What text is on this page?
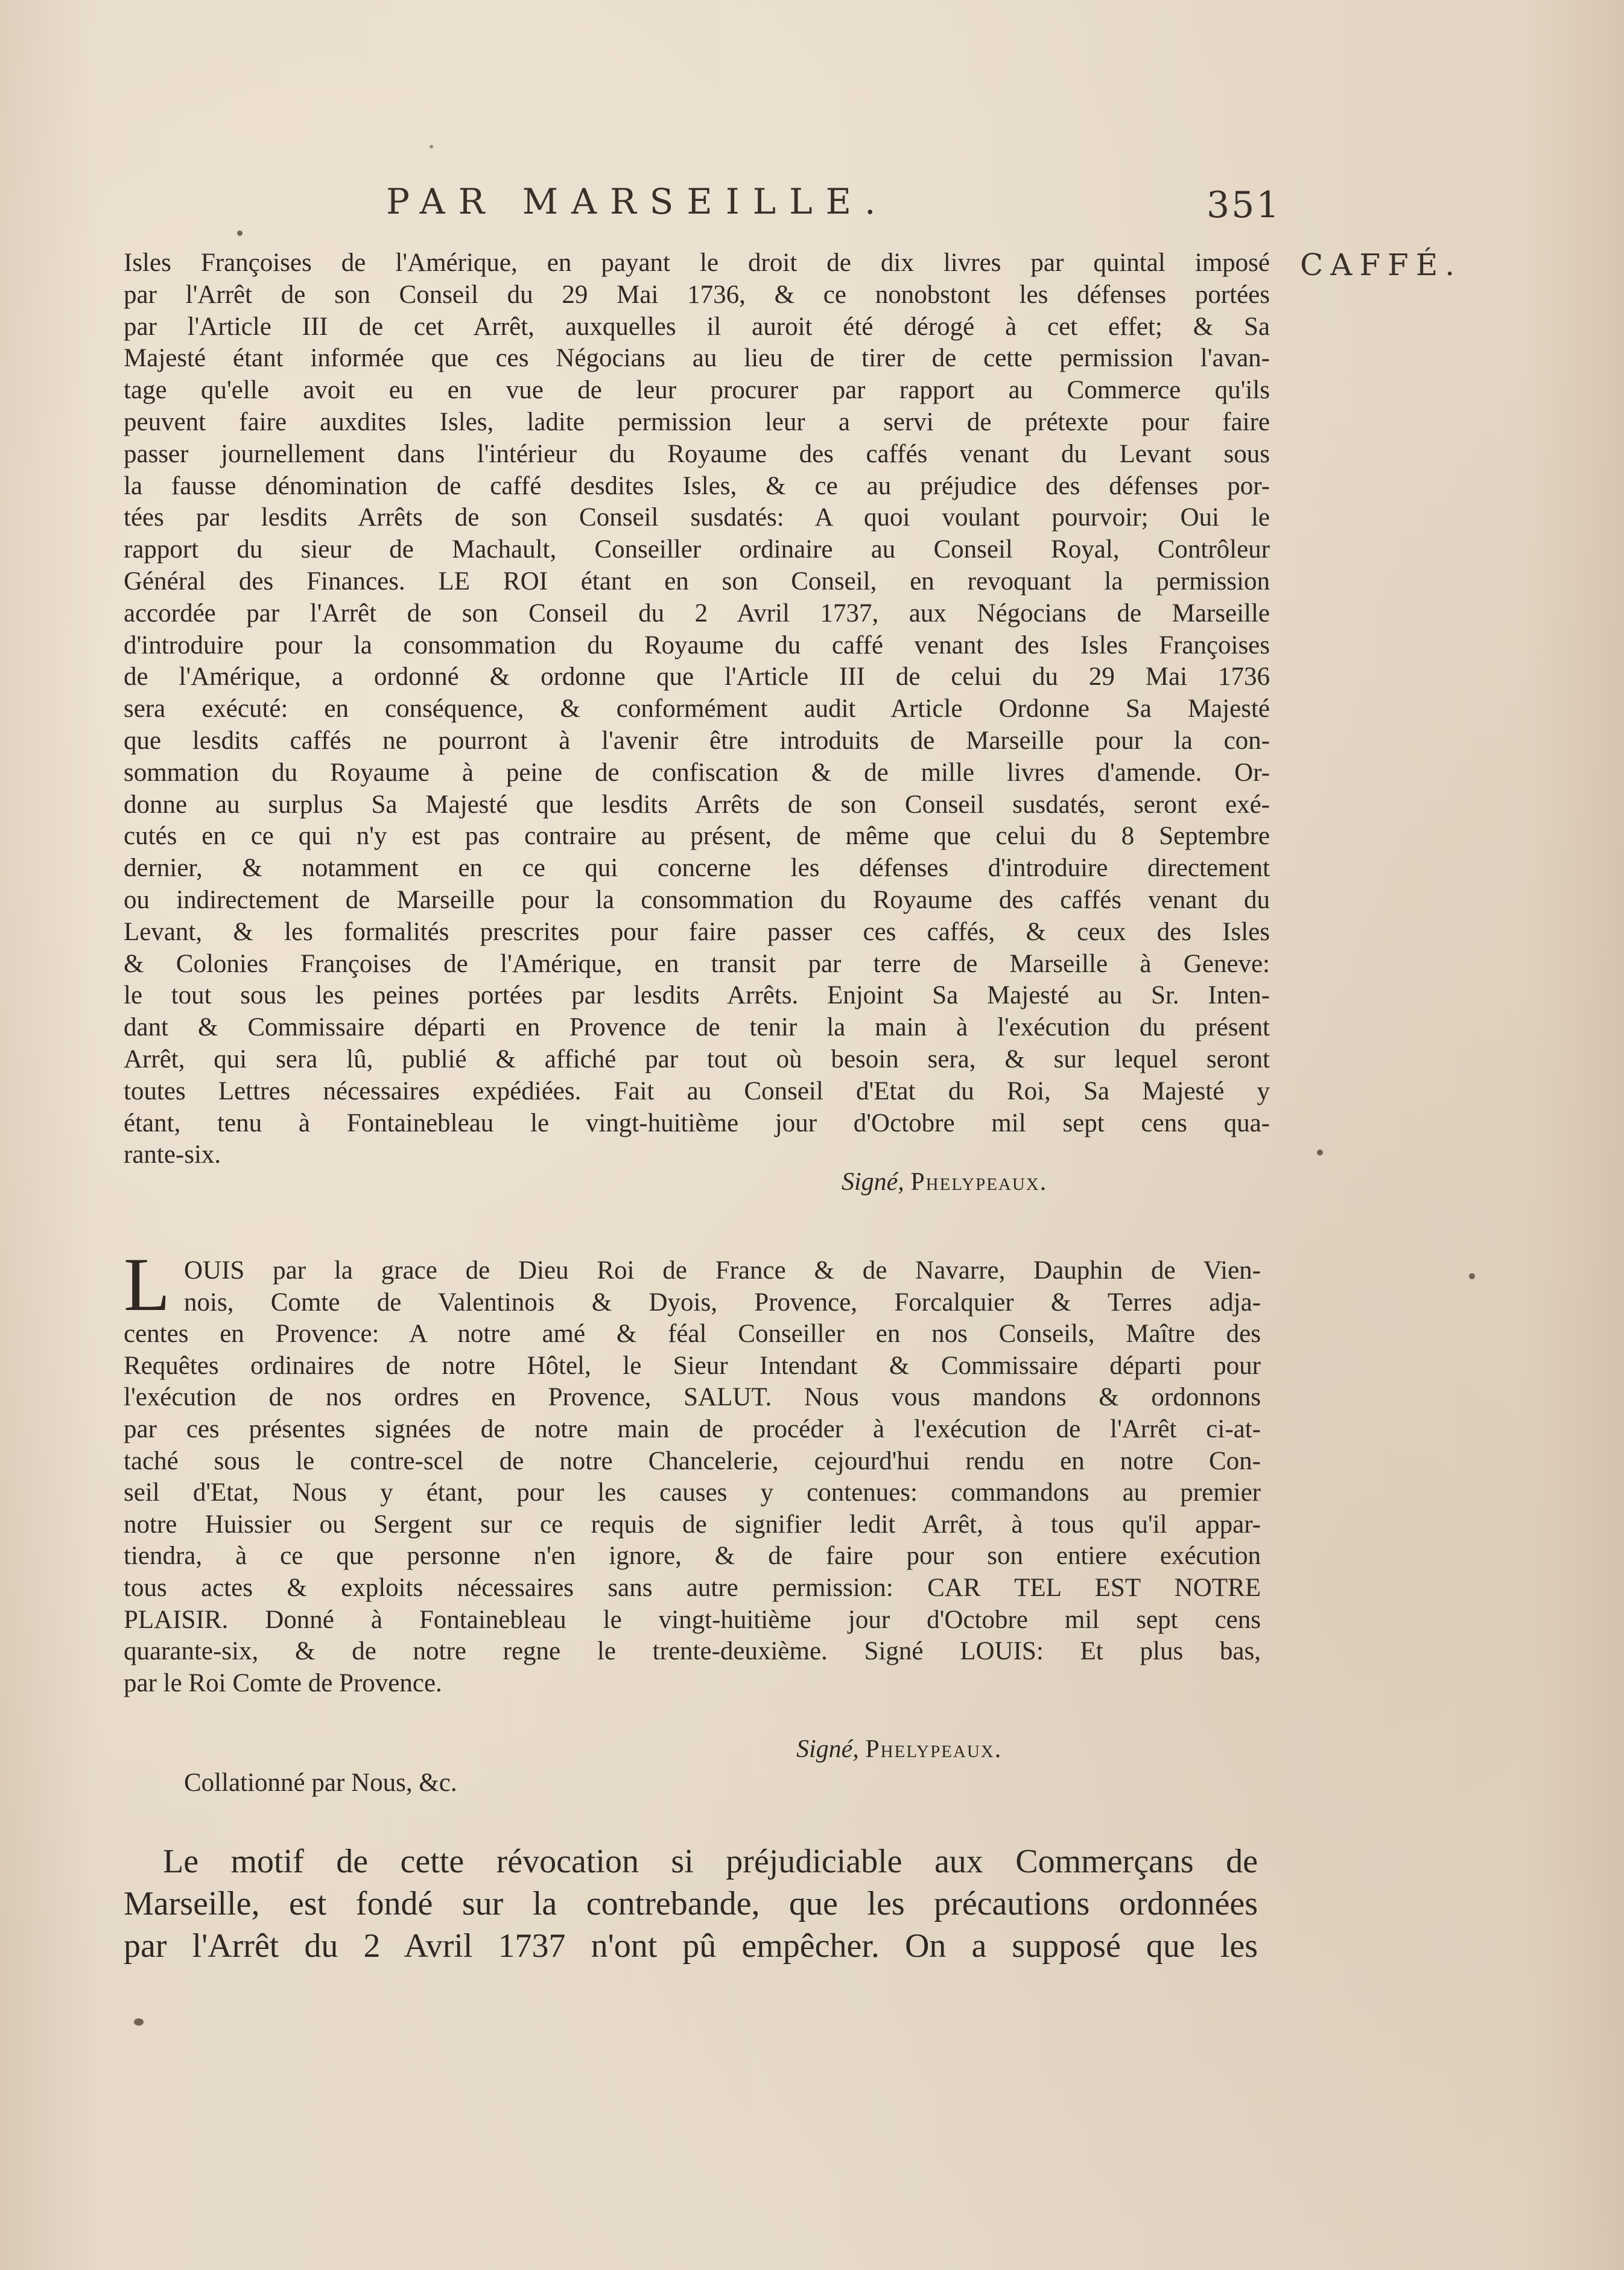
PAR MARSEILLE.	351
CAFFÉ.
Isles Françoises de l'Amérique, en payant le droit de dix livres par quintal imposé
par l'Arrêt de son Conseil du 29 Mai 1736, & ce nonobstont les défenses portées
par l'Article III de cet Arrêt, auxquelles il auroit été dérogé à cet effet; & Sa
Majesté étant informée que ces Négocians au lieu de tirer de cette permission l'avan-
tage qu'elle avoit eu en vue de leur procurer par rapport au Commerce qu'ils
peuvent faire auxdites Isles, ladite permission leur a servi de prétexte pour faire
passer journellement dans l'intérieur du Royaume des caffés venant du Levant sous
la fausse dénomination de caffé desdites Isles, & ce au préjudice des défenses por-
tées par lesdits Arrêts de son Conseil susdatés: A quoi voulant pourvoir; Oui le
rapport du sieur de Machault, Conseiller ordinaire au Conseil Royal, Contrôleur
Général des Finances. LE ROI étant en son Conseil, en revoquant la permission
accordée par l'Arrêt de son Conseil du 2 Avril 1737, aux Négocians de Marseille
d'introduire pour la consommation du Royaume du caffé venant des Isles Françoises
de l'Amérique, a ordonné & ordonne que l'Article III de celui du 29 Mai 1736
sera exécuté: en conséquence, & conformément audit Article Ordonne Sa Majesté
que lesdits caffés ne pourront à l'avenir être introduits de Marseille pour la con-
sommation du Royaume à peine de confiscation & de mille livres d'amende. Or-
donne au surplus Sa Majesté que lesdits Arrêts de son Conseil susdatés, seront exé-
cutés en ce qui n'y est pas contraire au présent, de même que celui du 8 Septembre
dernier, & notamment en ce qui concerne les défenses d'introduire directement
ou indirectement de Marseille pour la consommation du Royaume des caffés venant du
Levant, & les formalités prescrites pour faire passer ces caffés, & ceux des Isles
& Colonies Françoises de l'Amérique, en transit par terre de Marseille à Geneve:
le tout sous les peines portées par lesdits Arrêts. Enjoint Sa Majesté au Sr. Inten-
dant & Commissaire départi en Provence de tenir la main à l'exécution du présent
Arrêt, qui sera lû, publié & affiché par tout où besoin sera, & sur lequel seront
toutes Lettres nécessaires expédiées. Fait au Conseil d'Etat du Roi, Sa Majesté y
étant, tenu à Fontainebleau le vingt-huitième jour d'Octobre mil sept cens qua-
rante-six.
Signé, Phelypeaux.
L OUIS par la grace de Dieu Roi de France & de Navarre, Dauphin de Vien-
nois, Comte de Valentinois & Dyois, Provence, Forcalquier & Terres adja-
centes en Provence: A notre amé & féal Conseiller en nos Conseils, Maître des
Requêtes ordinaires de notre Hôtel, le Sieur Intendant & Commissaire départi pour
l'exécution de nos ordres en Provence, SALUT. Nous vous mandons & ordonnons
par ces présentes signées de notre main de procéder à l'exécution de l'Arrêt ci-at-
taché sous le contre-scel de notre Chancelerie, cejourd'hui rendu en notre Con-
seil d'Etat, Nous y étant, pour les causes y contenues: commandons au premier
notre Huissier ou Sergent sur ce requis de signifier ledit Arrêt, à tous qu'il appar-
tiendra, à ce que personne n'en ignore, & de faire pour son entiere exécution
tous actes & exploits nécessaires sans autre permission: CAR TEL EST NOTRE
PLAISIR. Donné à Fontainebleau le vingt-huitième jour d'Octobre mil sept cens
quarante-six, & de notre regne le trente-deuxième. Signé LOUIS: Et plus bas,
par le Roi Comte de Provence.
Signé, Phelypeaux.
Collationné par Nous, &c.
Le motif de cette révocation si préjudiciable aux Commerçans de
Marseille, est fondé sur la contrebande, que les précautions ordonnées
par l'Arrêt du 2 Avril 1737 n'ont pû empêcher. On a supposé que les
